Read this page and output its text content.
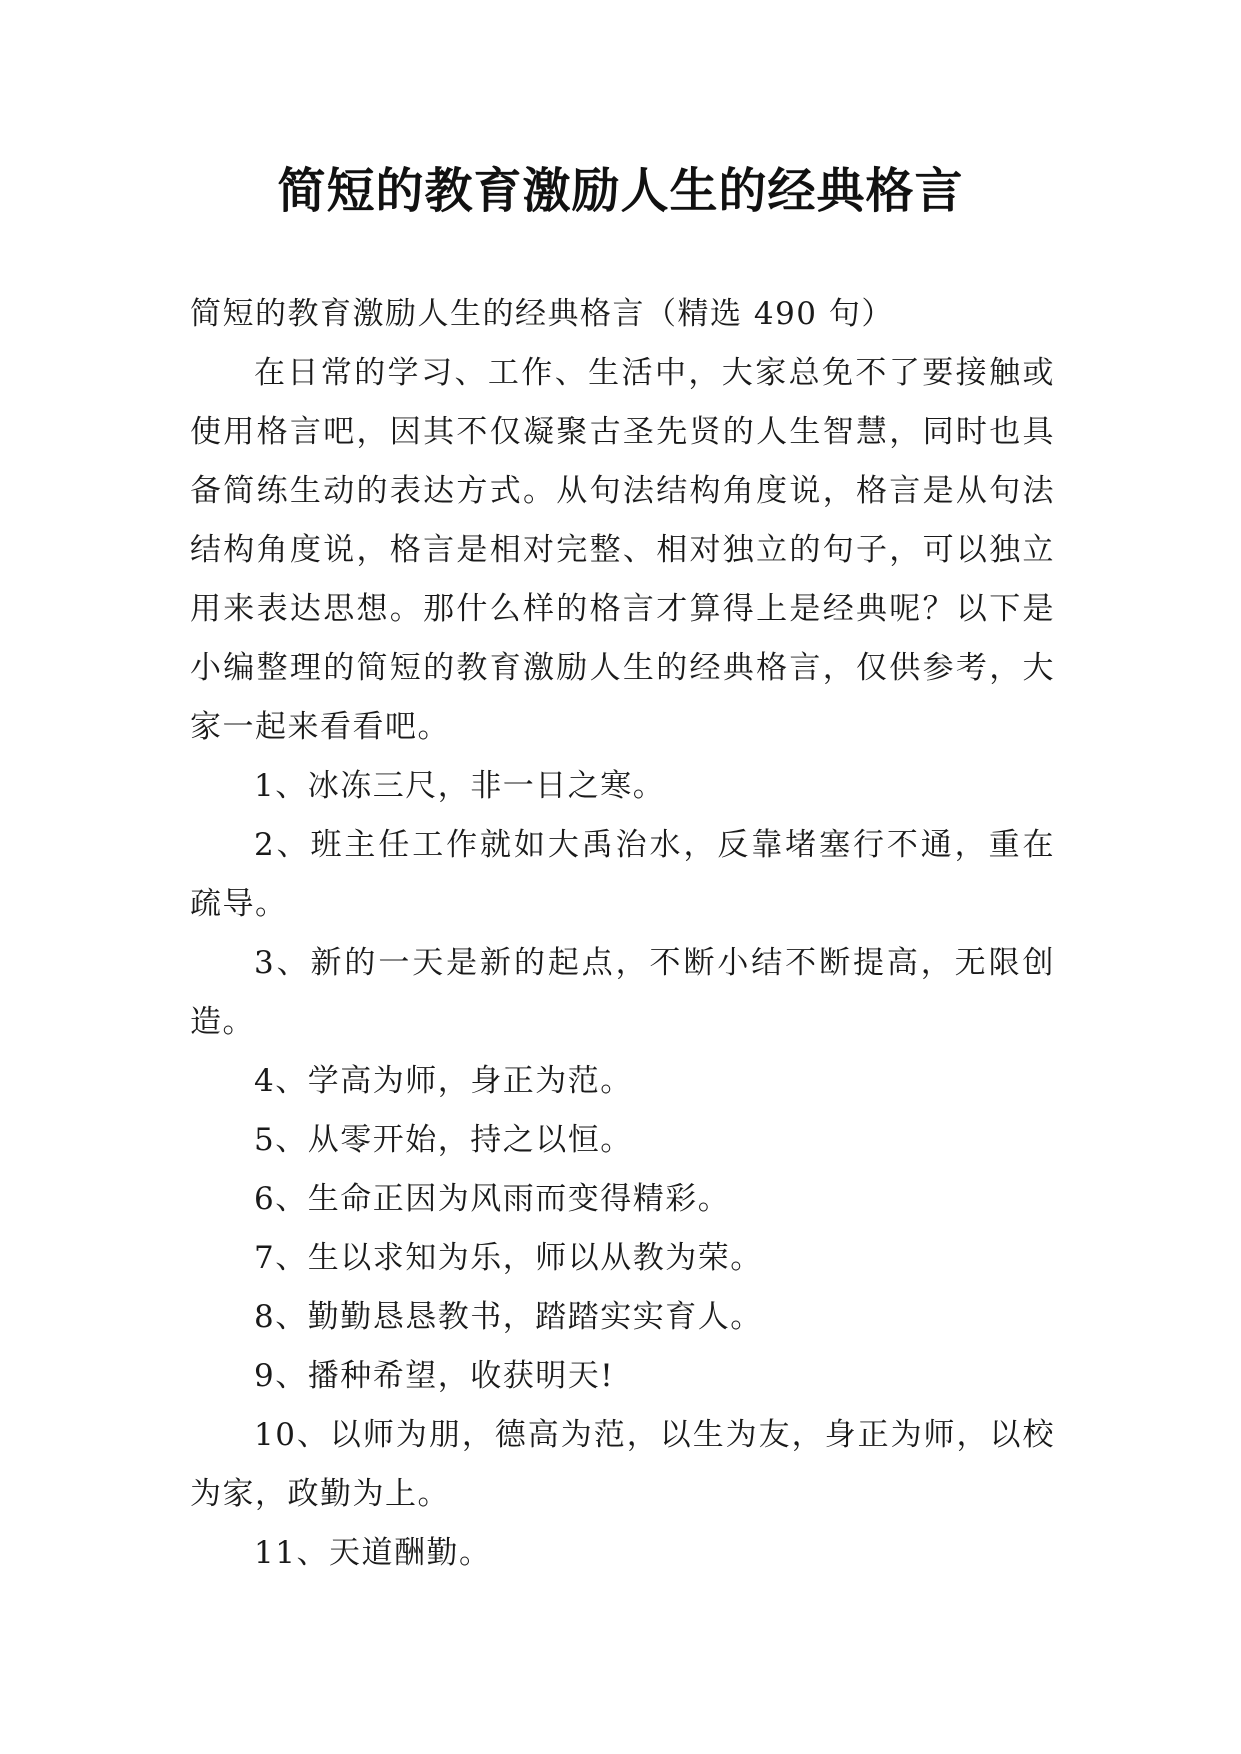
简短的教育激励人生的经典格言

简短的教育激励人生的经典格言（精选 490 句）

在日常的学习、工作、生活中，大家总免不了要接触或使用格言吧，因其不仅凝聚古圣先贤的人生智慧，同时也具备简练生动的表达方式。从句法结构角度说，格言是从句法结构角度说，格言是相对完整、相对独立的句子，可以独立用来表达思想。那什么样的格言才算得上是经典呢？以下是小编整理的简短的教育激励人生的经典格言，仅供参考，大家一起来看看吧。

1、冰冻三尺，非一日之寒。

2、班主任工作就如大禹治水，反靠堵塞行不通，重在疏导。

3、新的一天是新的起点，不断小结不断提高，无限创造。

4、学高为师，身正为范。

5、从零开始，持之以恒。

6、生命正因为风雨而变得精彩。

7、生以求知为乐，师以从教为荣。

8、勤勤恳恳教书，踏踏实实育人。

9、播种希望，收获明天!

10、以师为朋，德高为范，以生为友，身正为师，以校为家，政勤为上。

11、天道酬勤。
